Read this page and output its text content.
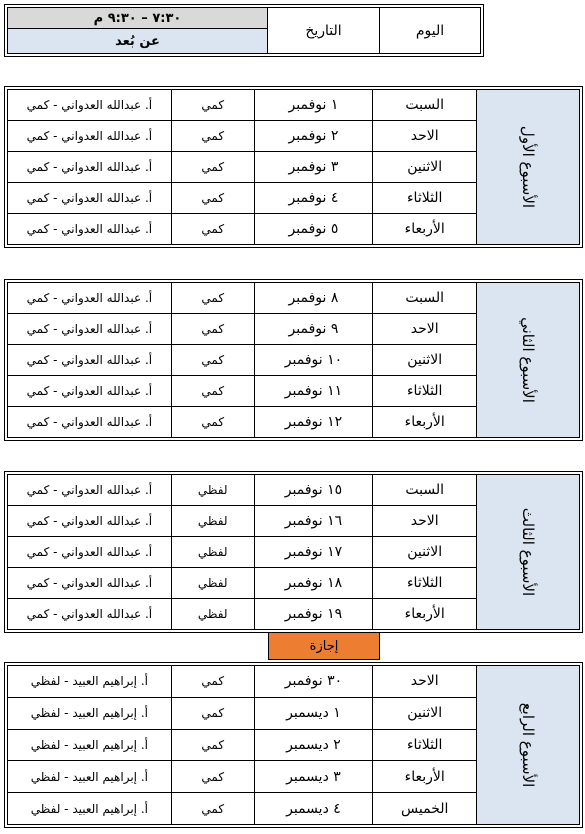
اليوم	التاريخ	٧:٣٠ – ٩:٣٠ م
عن بُعد
الأسبوع الأول	السبت	١ نوفمبر	كمي	أ. عبدالله العدواني - كمي
	الاحد	٢ نوفمبر	كمي	أ. عبدالله العدواني - كمي
	الاثنين	٣ نوفمبر	كمي	أ. عبدالله العدواني - كمي
	الثلاثاء	٤ نوفمبر	كمي	أ. عبدالله العدواني - كمي
	الأربعاء	٥ نوفمبر	كمي	أ. عبدالله العدواني - كمي
الأسبوع الثاني	السبت	٨ نوفمبر	كمي	أ. عبدالله العدواني - كمي
	الاحد	٩ نوفمبر	كمي	أ. عبدالله العدواني - كمي
	الاثنين	١٠ نوفمبر	كمي	أ. عبدالله العدواني - كمي
	الثلاثاء	١١ نوفمبر	كمي	أ. عبدالله العدواني - كمي
	الأربعاء	١٢ نوفمبر	كمي	أ. عبدالله العدواني - كمي
الأسبوع الثالث	السبت	١٥ نوفمبر	لفظي	أ. عبدالله العدواني - كمي
	الاحد	١٦ نوفمبر	لفظي	أ. عبدالله العدواني - كمي
	الاثنين	١٧ نوفمبر	لفظي	أ. عبدالله العدواني - كمي
	الثلاثاء	١٨ نوفمبر	لفظي	أ. عبدالله العدواني - كمي
	الأربعاء	١٩ نوفمبر	لفظي	أ. عبدالله العدواني - كمي
إجازة
الأسبوع الرابع	الاحد	٣٠ نوفمبر	كمي	أ. إبراهيم العبيد - لفظي
	الاثنين	١ ديسمبر	كمي	أ. إبراهيم العبيد - لفظي
	الثلاثاء	٢ ديسمبر	كمي	أ. إبراهيم العبيد - لفظي
	الأربعاء	٣ ديسمبر	كمي	أ. إبراهيم العبيد - لفظي
	الخميس	٤ ديسمبر	كمي	أ. إبراهيم العبيد - لفظي
